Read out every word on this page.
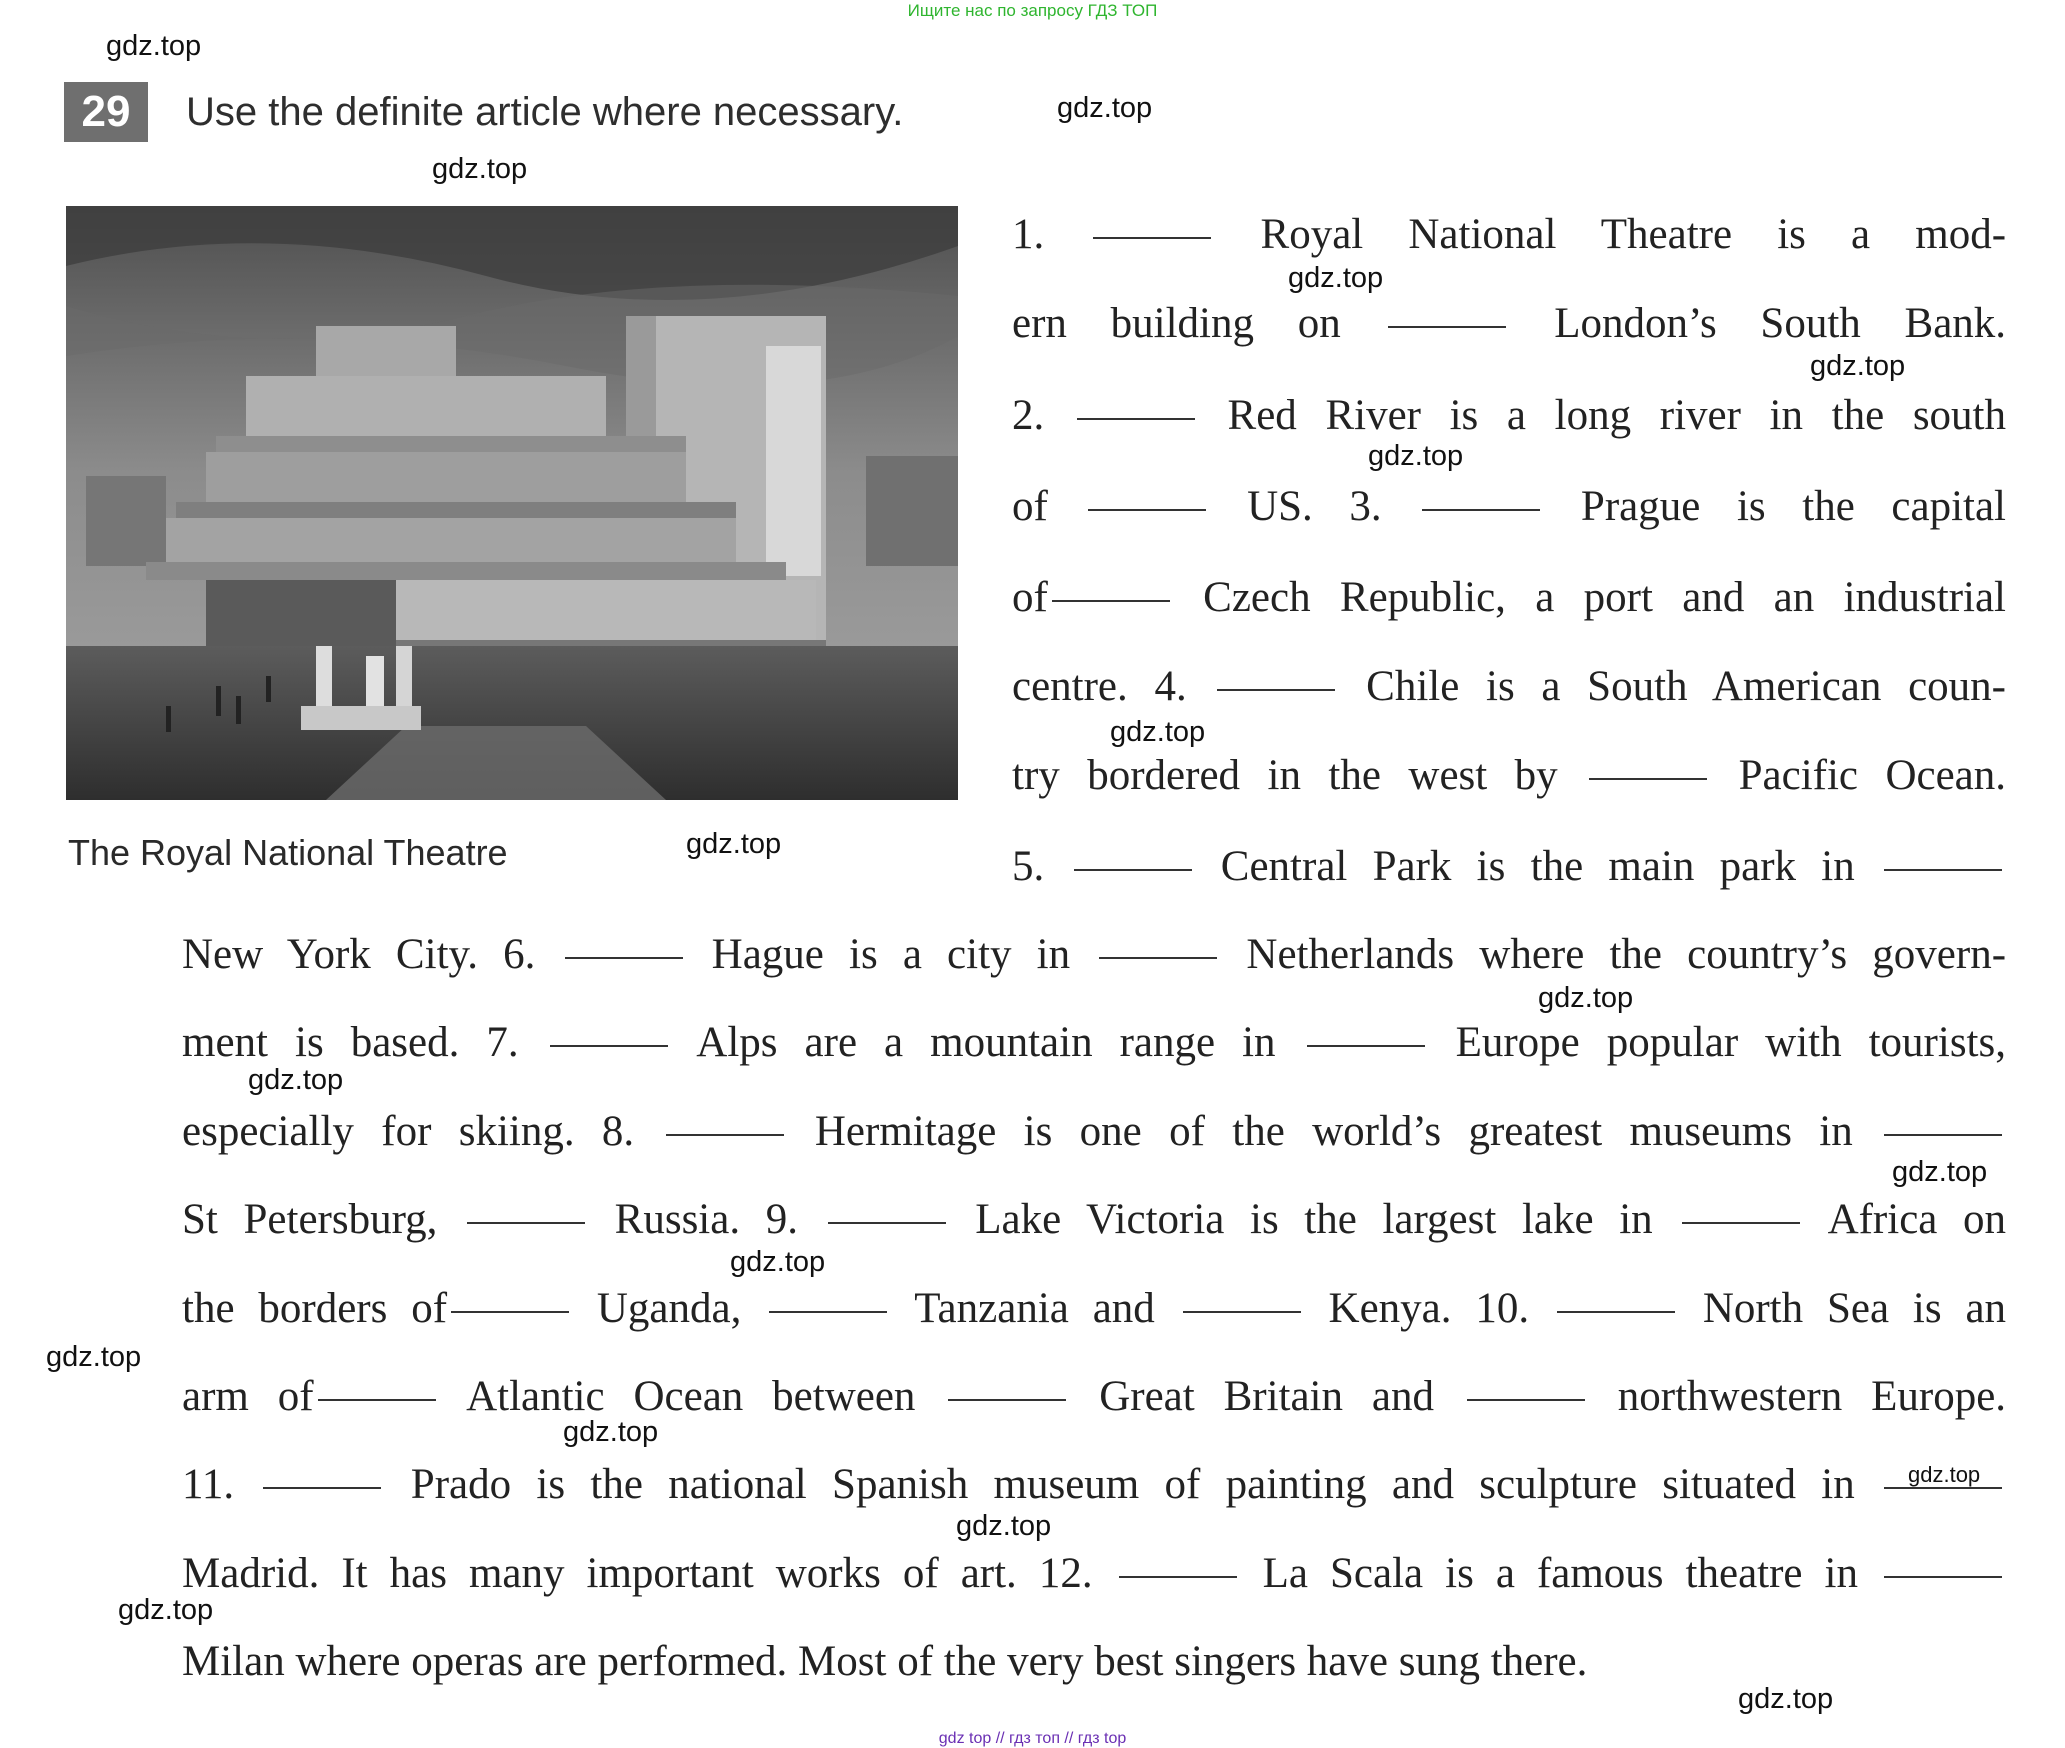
Ищите нас по запросу ГДЗ ТОП
29	Use the definite article where necessary.
The Royal National Theatre
1.	Royal National Theatre is a mod-
ern building on	London’s South Bank.
2.	Red River is a long river in the south
of	US. 3.	Prague is the capital
of	Czech Republic, a port and an industrial
centre. 4.	Chile is a South American coun-
try bordered in the west by	Pacific Ocean.
5.	Central Park is the main park in
New York City. 6.	Hague is a city in	Netherlands where the country’s govern-
ment is based. 7.	Alps are a mountain range in	Europe popular with tourists,
especially for skiing. 8.	Hermitage is one of the world’s greatest museums in
St Petersburg,	Russia. 9.	Lake Victoria is the largest lake in	Africa on
the borders of	Uganda,	Tanzania and	Kenya. 10.	North Sea is an
arm of	Atlantic Ocean between	Great Britain and	northwestern Europe.
11.	Prado is the national Spanish museum of painting and sculpture situated in
Madrid. It has many important works of art. 12.	La Scala is a famous theatre in
Milan where operas are performed. Most of the very best singers have sung there.
gdz.top
gdz.top
gdz.top
gdz.top
gdz.top
gdz.top
gdz.top
gdz.top
gdz.top
gdz.top
gdz.top
gdz.top
gdz.top
gdz.top
gdz.top
gdz.top
gdz.top
gdz.top
gdz top // гдз топ // гдз top
